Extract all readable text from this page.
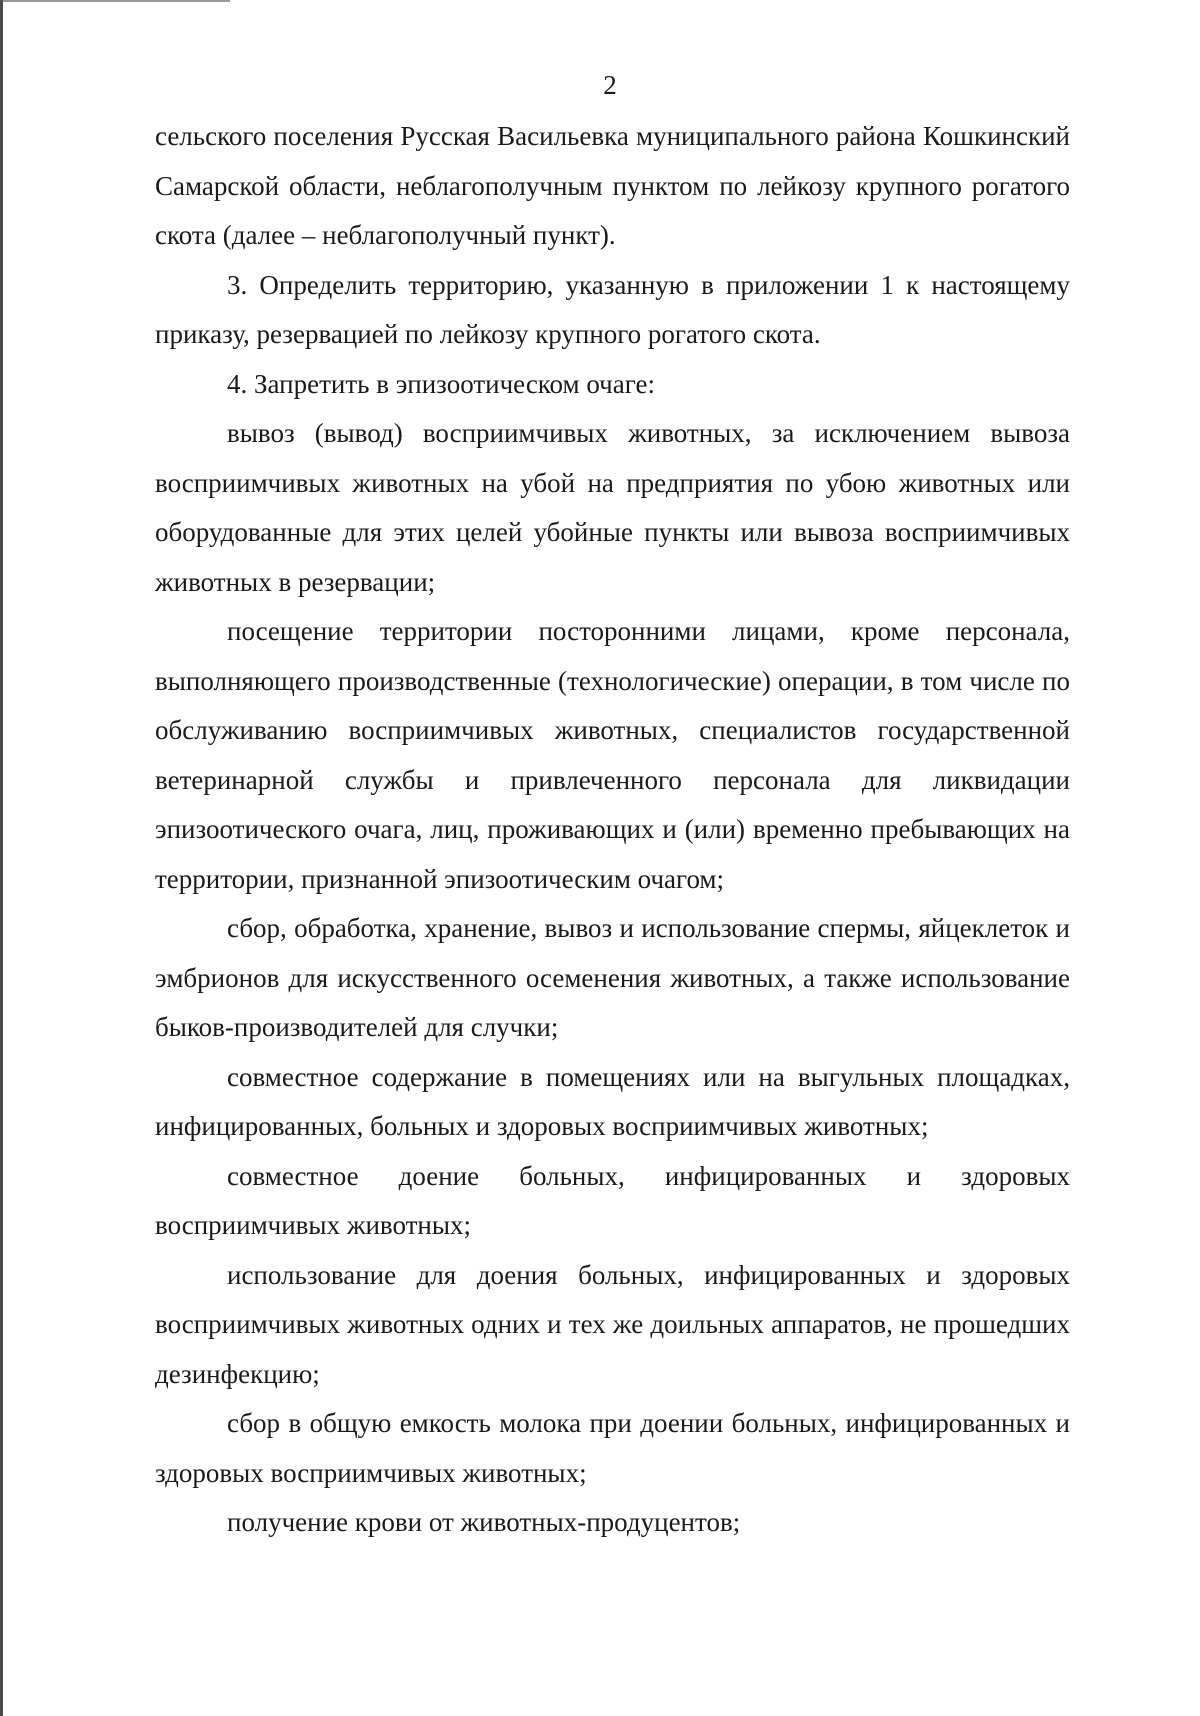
2

сельского поселения Русская Васильевка муниципального района Кошкинский Самарской области, неблагополучным пунктом по лейкозу крупного рогатого скота (далее – неблагополучный пункт).

3. Определить территорию, указанную в приложении 1 к настоящему приказу, резервацией по лейкозу крупного рогатого скота.

4. Запретить в эпизоотическом очаге:

вывоз (вывод) восприимчивых животных, за исключением вывоза восприимчивых животных на убой на предприятия по убою животных или оборудованные для этих целей убойные пункты или вывоза восприимчивых животных в резервации;

посещение территории посторонними лицами, кроме персонала, выполняющего производственные (технологические) операции, в том числе по обслуживанию восприимчивых животных, специалистов государственной ветеринарной службы и привлеченного персонала для ликвидации эпизоотического очага, лиц, проживающих и (или) временно пребывающих на территории, признанной эпизоотическим очагом;

сбор, обработка, хранение, вывоз и использование спермы, яйцеклеток и эмбрионов для искусственного осеменения животных, а также использование быков-производителей для случки;

совместное содержание в помещениях или на выгульных площадках, инфицированных, больных и здоровых восприимчивых животных;

совместное доение больных, инфицированных и здоровых восприимчивых животных;

использование для доения больных, инфицированных и здоровых восприимчивых животных одних и тех же доильных аппаратов, не прошедших дезинфекцию;

сбор в общую емкость молока при доении больных, инфицированных и здоровых восприимчивых животных;

получение крови от животных-продуцентов;
